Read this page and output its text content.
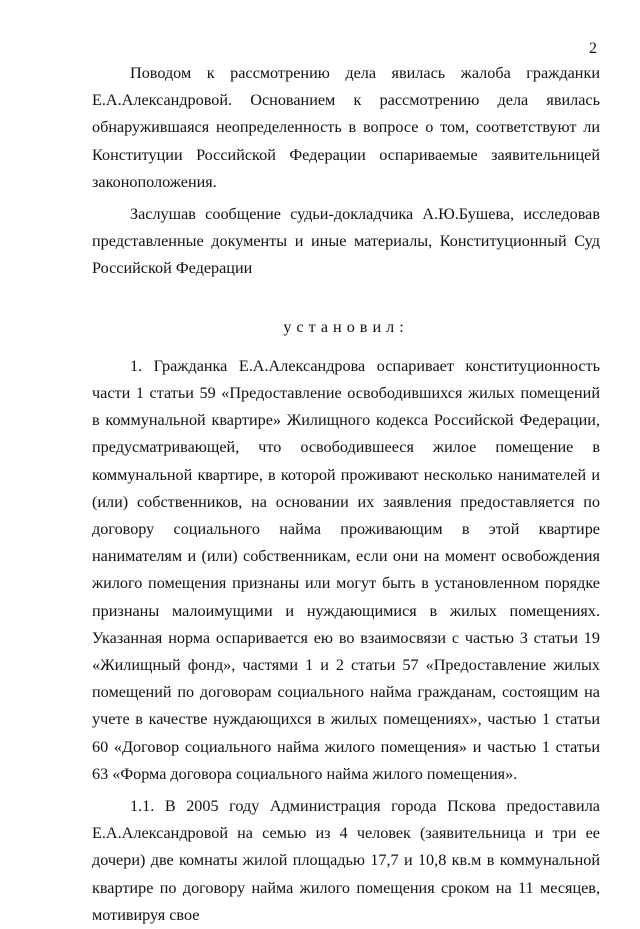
2

Поводом к рассмотрению дела явилась жалоба гражданки Е.А.Александровой. Основанием к рассмотрению дела явилась обнаружившаяся неопределенность в вопросе о том, соответствуют ли Конституции Российской Федерации оспариваемые заявительницей законоположения.

Заслушав сообщение судьи-докладчика А.Ю.Бушева, исследовав представленные документы и иные материалы, Конституционный Суд Российской Федерации

установил:

1. Гражданка Е.А.Александрова оспаривает конституционность части 1 статьи 59 «Предоставление освободившихся жилых помещений в коммунальной квартире» Жилищного кодекса Российской Федерации, предусматривающей, что освободившееся жилое помещение в коммунальной квартире, в которой проживают несколько нанимателей и (или) собственников, на основании их заявления предоставляется по договору социального найма проживающим в этой квартире нанимателям и (или) собственникам, если они на момент освобождения жилого помещения признаны или могут быть в установленном порядке признаны малоимущими и нуждающимися в жилых помещениях. Указанная норма оспаривается ею во взаимосвязи с частью 3 статьи 19 «Жилищный фонд», частями 1 и 2 статьи 57 «Предоставление жилых помещений по договорам социального найма гражданам, состоящим на учете в качестве нуждающихся в жилых помещениях», частью 1 статьи 60 «Договор социального найма жилого помещения» и частью 1 статьи 63 «Форма договора социального найма жилого помещения».

1.1. В 2005 году Администрация города Пскова предоставила Е.А.Александровой на семью из 4 человек (заявительница и три ее дочери) две комнаты жилой площадью 17,7 и 10,8 кв.м в коммунальной квартире по договору найма жилого помещения сроком на 11 месяцев, мотивируя свое
